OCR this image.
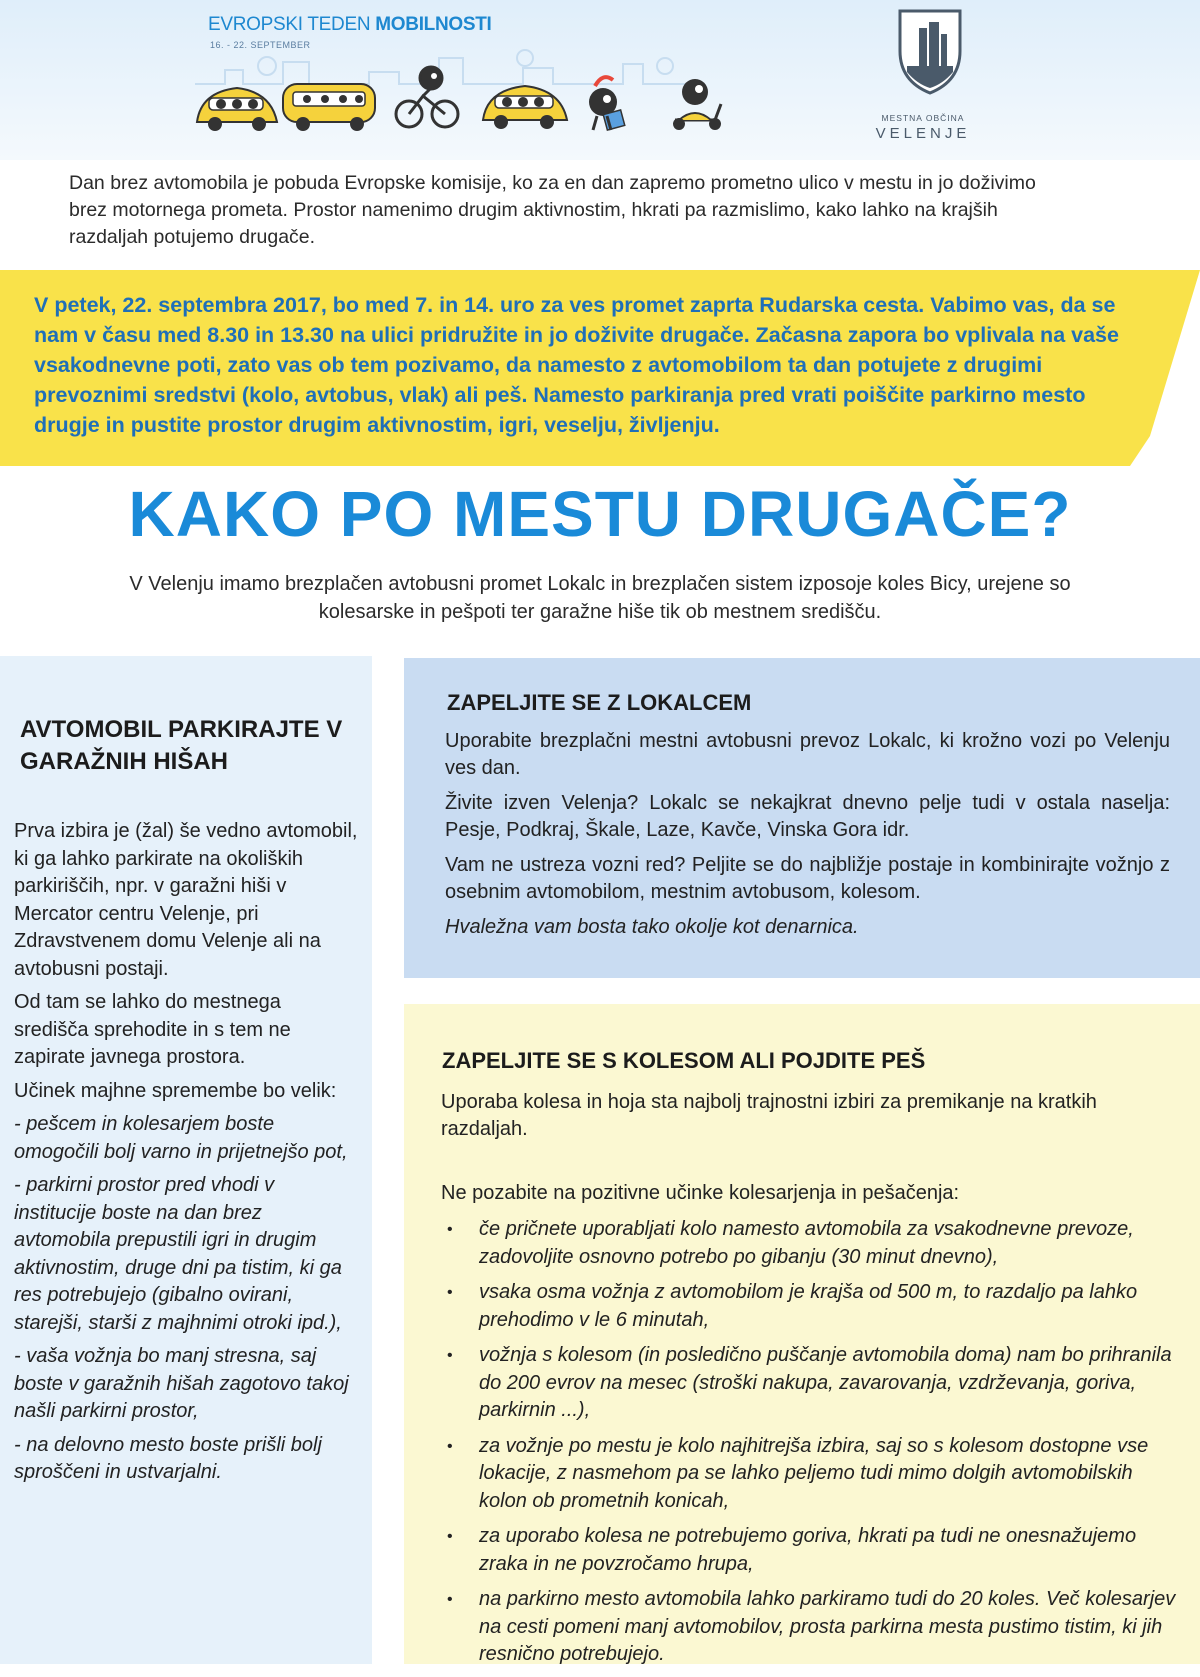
EVROPSKI TEDEN MOBILNOSTI
16. - 22. SEPTEMBER
MESTNA OBČINA
VELENJE
Dan brez avtomobila je pobuda Evropske komisije, ko za en dan zapremo prometno ulico v mestu in jo doživimo brez motornega prometa. Prostor namenimo drugim aktivnostim, hkrati pa razmislimo, kako lahko na krajših razdaljah potujemo drugače.
V petek, 22. septembra 2017, bo med 7. in 14. uro za ves promet zaprta Rudarska cesta. Vabimo vas, da se nam v času med 8.30 in 13.30 na ulici pridružite in jo doživite drugače. Začasna zapora bo vplivala na vaše vsakodnevne poti, zato vas ob tem pozivamo, da namesto z avtomobilom ta dan potujete z drugimi prevoznimi sredstvi (kolo, avtobus, vlak) ali peš. Namesto parkiranja pred vrati poiščite parkirno mesto drugje in pustite prostor drugim aktivnostim, igri, veselju, življenju.
KAKO PO MESTU DRUGAČE?
V Velenju imamo brezplačen avtobusni promet Lokalc in brezplačen sistem izposoje koles Bicy, urejene so kolesarske in pešpoti ter garažne hiše tik ob mestnem središču.
AVTOMOBIL PARKIRAJTE V GARAŽNIH HIŠAH

Prva izbira je (žal) še vedno avtomobil, ki ga lahko parkirate na okoliških parkiriščih, npr. v garažni hiši v Mercator centru Velenje, pri Zdravstvenem domu Velenje ali na avtobusni postaji.

Od tam se lahko do mestnega središča sprehodite in s tem ne zapirate javnega prostora.

Učinek majhne spremembe bo velik:

- pešcem in kolesarjem boste omogočili bolj varno in prijetnejšo pot,

- parkirni prostor pred vhodi v institucije boste na dan brez avtomobila prepustili igri in drugim aktivnostim, druge dni pa tistim, ki ga res potrebujejo (gibalno ovirani, starejši, starši z majhnimi otroki ipd.),

- vaša vožnja bo manj stresna, saj boste v garažnih hišah zagotovo takoj našli parkirni prostor,

- na delovno mesto boste prišli bolj sproščeni in ustvarjalni.

ZAPELJITE SE Z LOKALCEM

Uporabite brezplačni mestni avtobusni prevoz Lokalc, ki krožno vozi po Velenju ves dan.

Živite izven Velenja? Lokalc se nekajkrat dnevno pelje tudi v ostala naselja: Pesje, Podkraj, Škale, Laze, Kavče, Vinska Gora idr.

Vam ne ustreza vozni red? Peljite se do najbližje postaje in kombinirajte vožnjo z osebnim avtomobilom, mestnim avtobusom, kolesom.

Hvaležna vam bosta tako okolje kot denarnica.

ZAPELJITE SE S KOLESOM ALI POJDITE PEŠ
Uporaba kolesa in hoja sta najbolj trajnostni izbiri za premikanje na kratkih razdaljah.
Ne pozabite na pozitivne učinke kolesarjenja in pešačenja:
• če pričnete uporabljati kolo namesto avtomobila za vsakodnevne prevoze, zadovoljite osnovno potrebo po gibanju (30 minut dnevno),
• vsaka osma vožnja z avtomobilom je krajša od 500 m, to razdaljo pa lahko prehodimo v le 6 minutah,
• vožnja s kolesom (in posledično puščanje avtomobila doma) nam bo prihranila do 200 evrov na mesec (stroški nakupa, zavarovanja, vzdrževanja, goriva, parkirnin ...),
• za vožnje po mestu je kolo najhitrejša izbira, saj so s kolesom dostopne vse lokacije, z nasmehom pa se lahko peljemo tudi mimo dolgih avtomobilskih kolon ob prometnih konicah,
• za uporabo kolesa ne potrebujemo goriva, hkrati pa tudi ne onesnažujemo zraka in ne povzročamo hrupa,
• na parkirno mesto avtomobila lahko parkiramo tudi do 20 koles. Več kolesarjev na cesti pomeni manj avtomobilov, prosta parkirna mesta pustimo tistim, ki jih resnično potrebujejo.
